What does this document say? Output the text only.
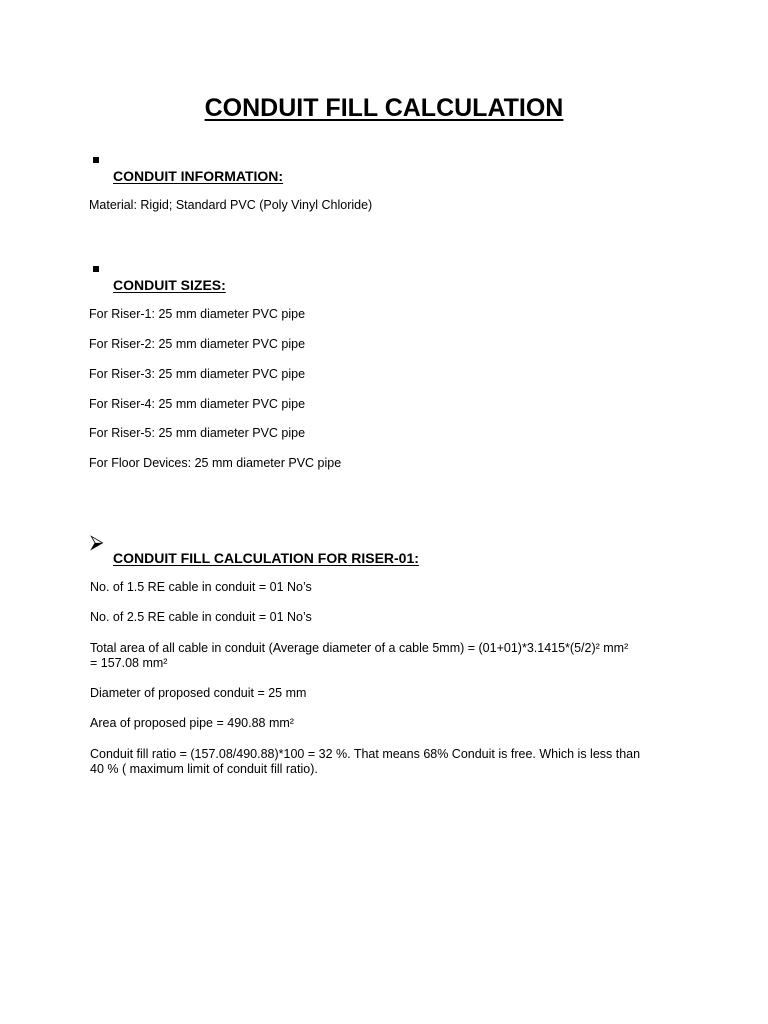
CONDUIT FILL CALCULATION
CONDUIT INFORMATION:
Material: Rigid; Standard PVC (Poly Vinyl Chloride)
CONDUIT SIZES:
For Riser-1: 25 mm diameter PVC pipe
For Riser-2: 25 mm diameter PVC pipe
For Riser-3: 25 mm diameter PVC pipe
For Riser-4: 25 mm diameter PVC pipe
For Riser-5: 25 mm diameter PVC pipe
For Floor Devices: 25 mm diameter PVC pipe
⮚
CONDUIT FILL CALCULATION FOR RISER-01:
No. of 1.5 RE cable in conduit = 01 No’s
No. of 2.5 RE cable in conduit = 01 No’s
Total area of all cable in conduit (Average diameter of a cable 5mm) = (01+01)*3.1415*(5/2)² mm²
= 157.08 mm²
Diameter of proposed conduit = 25 mm
Area of proposed pipe = 490.88 mm²
Conduit fill ratio = (157.08/490.88)*100 = 32 %. That means 68% Conduit is free. Which is less than
40 % ( maximum limit of conduit fill ratio).
